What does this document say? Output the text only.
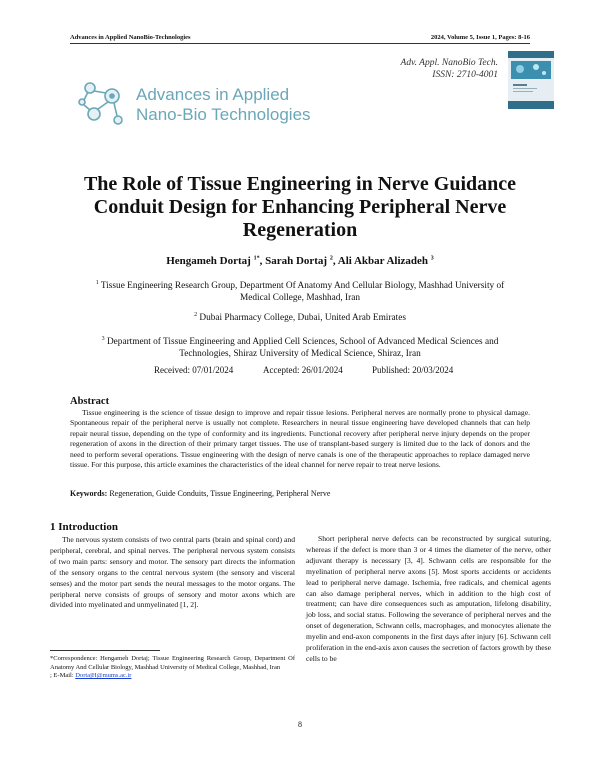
Advances in Applied NanoBio-Technologies	2024, Volume 5, Issue 1, Pages: 8-16
Advances in Applied
Nano-Bio Technologies
Adv. Appl. NanoBio Tech.
ISSN: 2710-4001
The Role of Tissue Engineering in Nerve Guidance Conduit Design for Enhancing Peripheral Nerve Regeneration
Hengameh Dortaj $^{1*}$, Sarah Dortaj $^2$, Ali Akbar Alizadeh $^3$
$^1$ Tissue Engineering Research Group, Department Of Anatomy And Cellular Biology, Mashhad University of Medical College, Mashhad, Iran
$^2$ Dubai Pharmacy College, Dubai, United Arab Emirates
$^3$ Department of Tissue Engineering and Applied Cell Sciences, School of Advanced Medical Sciences and Technologies, Shiraz University of Medical Science, Shiraz, Iran
Received: 07/01/2024	Accepted: 26/01/2024	Published: 20/03/2024
Abstract

Tissue engineering is the science of tissue design to improve and repair tissue lesions. Peripheral nerves are normally prone to physical damage. Spontaneous repair of the peripheral nerve is usually not complete. Researchers in neural tissue engineering have developed channels that can help repair neural tissue, depending on the type of conformity and its ingredients. Functional recovery after peripheral nerve injury depends on the proper regeneration of axons in the direction of their primary target tissues. The use of transplant-based surgery is limited due to the lack of donors and the need to perform several operations. Tissue engineering with the design of nerve canals is one of the therapeutic approaches to replace damaged nerve tissue. For this purpose, this article examines the characteristics of the ideal channel for nerve repair to treat nerve lesions.

Keywords: Regeneration, Guide Conduits, Tissue Engineering, Peripheral Nerve
1 Introduction

The nervous system consists of two central parts (brain and spinal cord) and peripheral, cerebral, and spinal nerves. The peripheral nervous system consists of two main parts: sensory and motor. The sensory part directs the information of the sensory organs to the central nervous system (the sensory and visceral senses) and the motor part sends the neural messages to the motor organs. The peripheral nerve consists of groups of sensory and motor axons which are divided into myelinated and unmyelinated [1, 2].

Short peripheral nerve defects can be reconstructed by surgical suturing, whereas if the defect is more than 3 or 4 times the diameter of the nerve, other adjuvant therapy is necessary [3, 4]. Schwann cells are responsible for the myelination of peripheral nerve axons [5]. Most sports accidents or accidents lead to peripheral nerve damage. Ischemia, free radicals, and chemical agents can also damage peripheral nerves, which in addition to the high cost of treatment; can have dire consequences such as amputation, lifelong disability, job loss, and social status. Following the severance of peripheral nerves and the onset of degeneration, Schwann cells, macrophages, and monocytes alienate the myelin and end-axon components in the first days after injury [6]. Schwann cell proliferation in the end-axis axon causes the secretion of factors growth by these cells to be

*Correspondence: Hengameh Dortaj; Tissue Engineering Research Group, Department Of Anatomy And Cellular Biology, Mashhad University of Medical College, Mashhad, Iran
; E-Mail: DortajH@mums.ac.ir

8
